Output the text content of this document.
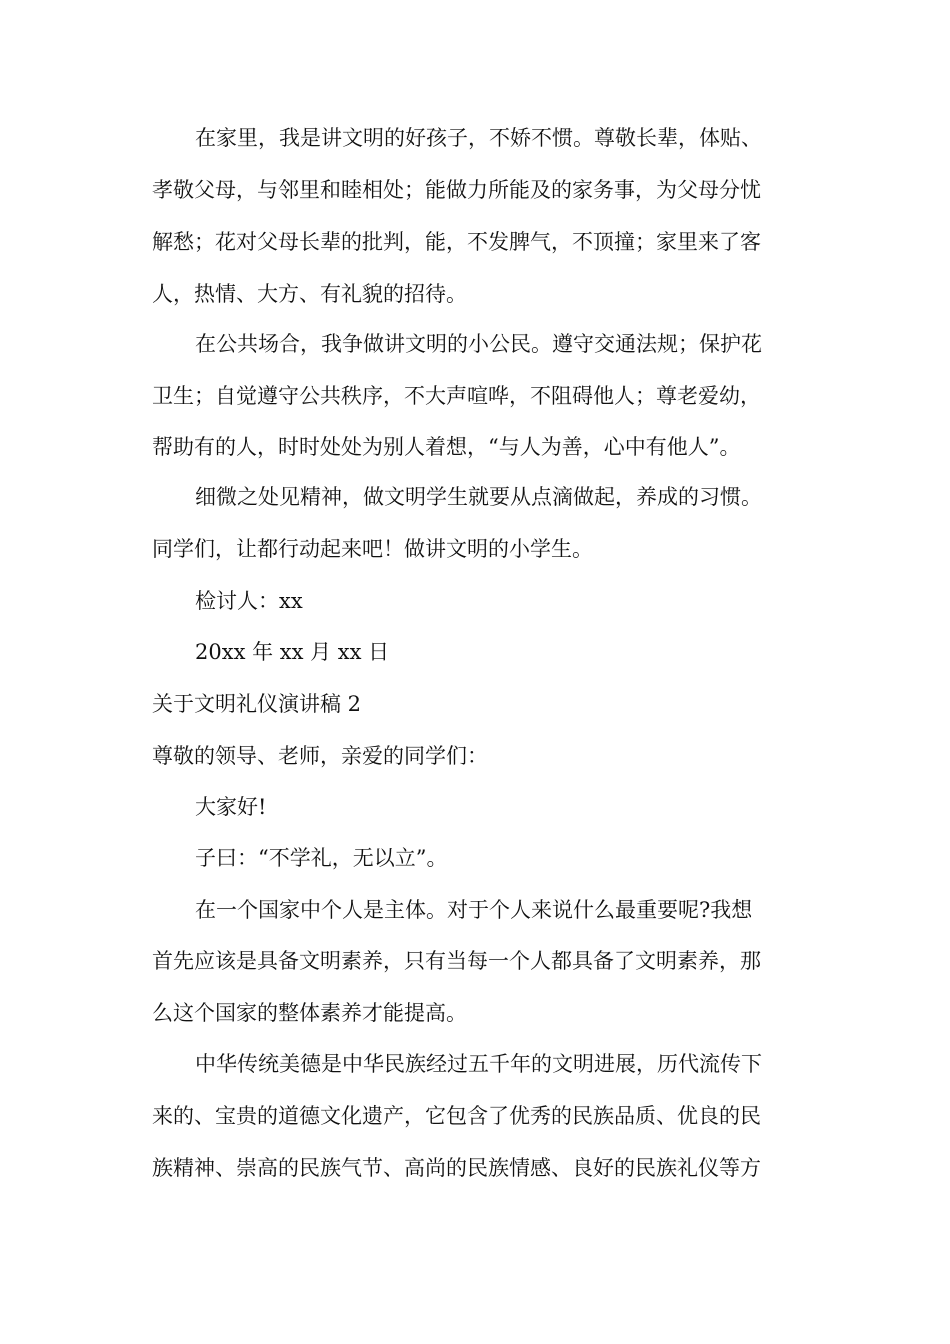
在家里，我是讲文明的好孩子，不娇不惯。尊敬长辈，体贴、
孝敬父母，与邻里和睦相处；能做力所能及的家务事，为父母分忧
解愁；花对父母长辈的批判，能，不发脾气，不顶撞；家里来了客
人，热情、大方、有礼貌的招待。
在公共场合，我争做讲文明的小公民。遵守交通法规；保护花
卫生；自觉遵守公共秩序，不大声喧哗，不阻碍他人；尊老爱幼，
帮助有的人，时时处处为别人着想，“与人为善，心中有他人”。
细微之处见精神，做文明学生就要从点滴做起，养成的习惯。
同学们，让都行动起来吧！做讲文明的小学生。
检讨人：xx
20xx 年 xx 月 xx 日
关于文明礼仪演讲稿 2
尊敬的领导、老师，亲爱的同学们：
大家好!
子曰：“不学礼，无以立”。
在一个国家中个人是主体。对于个人来说什么最重要呢?我想
首先应该是具备文明素养，只有当每一个人都具备了文明素养，那
么这个国家的整体素养才能提高。
中华传统美德是中华民族经过五千年的文明进展，历代流传下
来的、宝贵的道德文化遗产，它包含了优秀的民族品质、优良的民
族精神、崇高的民族气节、高尚的民族情感、良好的民族礼仪等方
